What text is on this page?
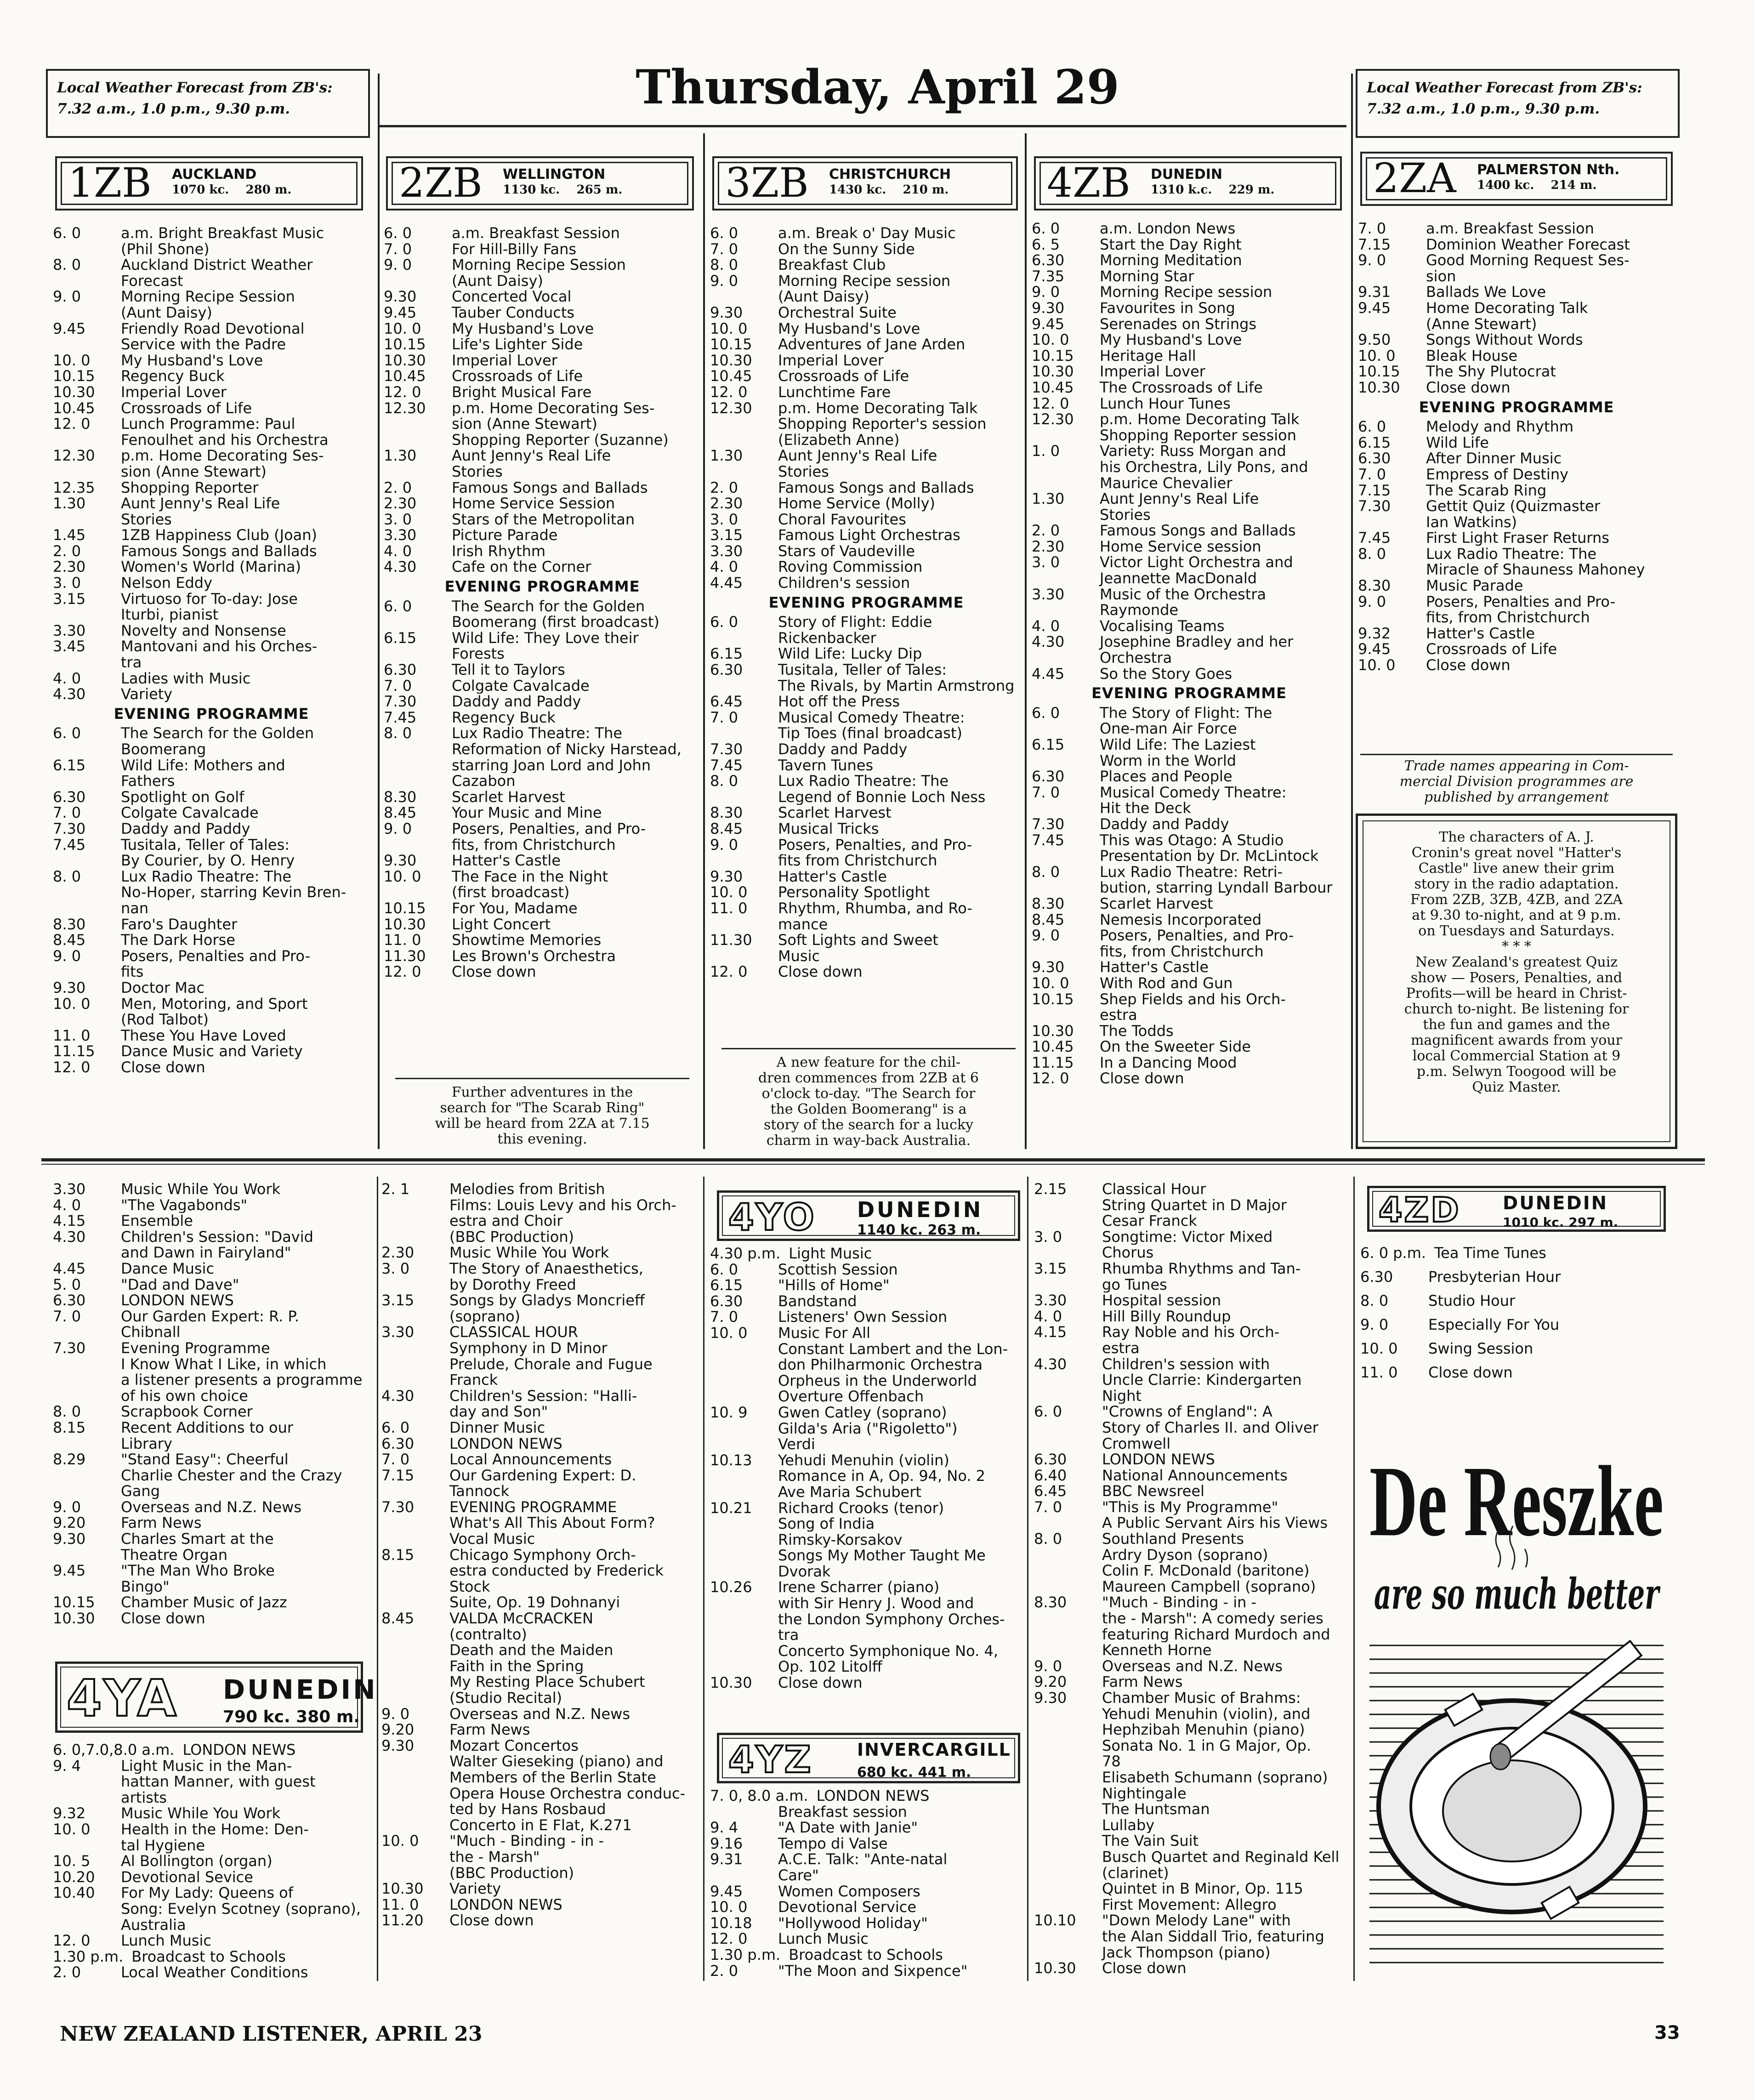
Local Weather Forecast from ZB's:
7.32 a.m., 1.0 p.m., 9.30 p.m.	Thursday, April 29	Local Weather Forecast from ZB's:
7.32 a.m., 1.0 p.m., 9.30 p.m.
1ZB AUCKLAND
1070 kc. 280 m.	2ZB WELLINGTON
1130 kc. 265 m.	3ZB CHRISTCHURCH
1430 kc. 210 m. 4ZB DUNEDIN
1310 k.c. 229 m. 2ZA PALMERSTON Nth.
1400 kc. 214 m.
6. 0	a.m. Bright Breakfast Music
(Phil Shone)
8. 0	Auckland District Weather
Forecast
9. 0	Morning Recipe Session
(Aunt Daisy)
9.45 Friendly Road Devotional
Service with the Padre
10. 0 My Husband's Love
10.15 Regency Buck
10.30 Imperial Lover
10.45 Crossroads of Life
12. 0 Lunch Programme: Paul
Fenoulhet and his Orchestra
12.30 p.m. Home Decorating Ses-
sion (Anne Stewart)
12.35 Shopping Reporter
1.30 Aunt Jenny's Real Life
Stories
1.45 1ZB Happiness Club (Joan)
2. 0	Famous Songs and Ballads
2.30 Women's World (Marina)
3. 0	Nelson Eddy
3.15 Virtuoso for To-day: Jose
Iturbi, pianist
3.30 Novelty and Nonsense
3.45 Mantovani and his Orches-
tra
4. 0	Ladies with Music
4.30 Variety
EVENING PROGRAMME
6. 0	The Search for the Golden
Boomerang
6.15 Wild Life: Mothers and
Fathers
6.30 Spotlight on Golf
7. 0	Colgate Cavalcade
7.30 Daddy and Paddy
7.45 Tusitala, Teller of Tales:
By Courier, by O. Henry
8. 0	Lux Radio Theatre: The
No-Hoper, starring Kevin Bren-
nan
8.30 Faro's Daughter
8.45 The Dark Horse
9. 0	Posers, Penalties and Pro-
fits
9.30 Doctor Mac
10. 0 Men, Motoring, and Sport
(Rod Talbot)
11. 0 These You Have Loved
11.15 Dance Music and Variety
12. 0 Close down
6. 0	a.m. Breakfast Session
7. 0	For Hill-Billy Fans
9. 0	Morning Recipe Session
(Aunt Daisy)
9.30 Concerted Vocal
9.45 Tauber Conducts
10. 0 My Husband's Love
10.15 Life's Lighter Side
10.30 Imperial Lover
10.45 Crossroads of Life
12. 0 Bright Musical Fare
12.30 p.m. Home Decorating Ses-
sion (Anne Stewart)
Shopping Reporter (Suzanne)
1.30 Aunt Jenny's Real Life
Stories
2. 0	Famous Songs and Ballads
2.30 Home Service Session
3. 0	Stars of the Metropolitan
3.30 Picture Parade
4. 0	Irish Rhythm
4.30 Cafe on the Corner
EVENING PROGRAMME
6. 0	The Search for the Golden
Boomerang (first broadcast)
6.15 Wild Life: They Love their
Forests
6.30 Tell it to Taylors
7. 0	Colgate Cavalcade
7.30 Daddy and Paddy
7.45 Regency Buck
8. 0	Lux Radio Theatre: The
Reformation of Nicky Harstead,
starring Joan Lord and John
Cazabon
8.30 Scarlet Harvest
8.45 Your Music and Mine
9. 0	Posers, Penalties, and Pro-
fits, from Christchurch
9.30 Hatter's Castle
10. 0 The Face in the Night
(first broadcast)
10.15 For You, Madame
10.30 Light Concert
11. 0 Showtime Memories
11.30 Les Brown's Orchestra
12. 0 Close down
6. 0	a.m. Break o' Day Music
7. 0	On the Sunny Side
8. 0	Breakfast Club
9. 0	Morning Recipe session
(Aunt Daisy)
9.30 Orchestral Suite
10. 0 My Husband's Love
10.15 Adventures of Jane Arden
10.30 Imperial Lover
10.45 Crossroads of Life
12. 0 Lunchtime Fare
12.30 p.m. Home Decorating Talk
Shopping Reporter's session
(Elizabeth Anne)
1.30 Aunt Jenny's Real Life
Stories
2. 0	Famous Songs and Ballads
2.30 Home Service (Molly)
3. 0	Choral Favourites
3.15 Famous Light Orchestras
3.30 Stars of Vaudeville
4. 0	Roving Commission
4.45 Children's session
EVENING PROGRAMME
6. 0	Story of Flight: Eddie
Rickenbacker
6.15 Wild Life: Lucky Dip
6.30 Tusitala, Teller of Tales:
The Rivals, by Martin Armstrong
6.45 Hot off the Press
7. 0	Musical Comedy Theatre:
Tip Toes (final broadcast)
7.30 Daddy and Paddy
7.45 Tavern Tunes
8. 0	Lux Radio Theatre: The
Legend of Bonnie Loch Ness
8.30 Scarlet Harvest
8.45 Musical Tricks
9. 0	Posers, Penalties, and Pro-
fits from Christchurch
9.30 Hatter's Castle
10. 0 Personality Spotlight
11. 0 Rhythm, Rhumba, and Ro-
mance
11.30 Soft Lights and Sweet
Music
12. 0 Close down
6. 0	a.m. London News
6. 5	Start the Day Right
6.30 Morning Meditation
7.35 Morning Star
9. 0	Morning Recipe session
9.30 Favourites in Song
9.45 Serenades on Strings
10. 0 My Husband's Love
10.15 Heritage Hall
10.30 Imperial Lover
10.45 The Crossroads of Life
12. 0 Lunch Hour Tunes
12.30 p.m. Home Decorating Talk
Shopping Reporter session
1. 0	Variety: Russ Morgan and
his Orchestra, Lily Pons, and
Maurice Chevalier
1.30 Aunt Jenny's Real Life
Stories
2. 0	Famous Songs and Ballads
2.30 Home Service session
3. 0	Victor Light Orchestra and
Jeannette MacDonald
3.30 Music of the Orchestra
Raymonde
4. 0	Vocalising Teams
4.30 Josephine Bradley and her
Orchestra
4.45 So the Story Goes
EVENING PROGRAMME
6. 0	The Story of Flight: The
One-man Air Force
6.15 Wild Life: The Laziest
Worm in the World
6.30 Places and People
7. 0	Musical Comedy Theatre:
Hit the Deck
7.30 Daddy and Paddy
7.45 This was Otago: A Studio
Presentation by Dr. McLintock
8. 0	Lux Radio Theatre: Retri-
bution, starring Lyndall Barbour
8.30 Scarlet Harvest
8.45 Nemesis Incorporated
9. 0	Posers, Penalties, and Pro-
fits, from Christchurch
9.30 Hatter's Castle
10. 0 With Rod and Gun
10.15 Shep Fields and his Orch-
estra
10.30 The Todds
10.45 On the Sweeter Side
11.15 In a Dancing Mood
12. 0 Close down
7. 0	a.m. Breakfast Session
7.15 Dominion Weather Forecast
9. 0	Good Morning Request Ses-
sion
9.31 Ballads We Love
9.45 Home Decorating Talk
(Anne Stewart)
9.50 Songs Without Words
10. 0 Bleak House
10.15 The Shy Plutocrat
10.30 Close down
EVENING PROGRAMME
6. 0	Melody and Rhythm
6.15 Wild Life
6.30 After Dinner Music
7. 0	Empress of Destiny
7.15 The Scarab Ring
7.30 Gettit Quiz (Quizmaster
Ian Watkins)
7.45 First Light Fraser Returns
8. 0	Lux Radio Theatre: The
Miracle of Shauness Mahoney
8.30 Music Parade
9. 0	Posers, Penalties and Pro-
fits, from Christchurch
9.32 Hatter's Castle
9.45 Crossroads of Life
10. 0 Close down
Further adventures in the
search for "The Scarab Ring"
will be heard from 2ZA at 7.15
this evening.
A new feature for the chil-
dren commences from 2ZB at 6
o'clock to-day. "The Search for
the Golden Boomerang" is a
story of the search for a lucky
charm in way-back Australia.
Trade names appearing in Com-
mercial Division programmes are
published by arrangement
The characters of A. J.
Cronin's great novel "Hatter's
Castle" live anew their grim
story in the radio adaptation.
From 2ZB, 3ZB, 4ZB, and 2ZA
at 9.30 to-night, and at 9 p.m.
on Tuesdays and Saturdays.
* * *
New Zealand's greatest Quiz
show — Posers, Penalties, and
Profits—will be heard in Christ-
church to-night. Be listening for
the fun and games and the
magnificent awards from your
local Commercial Station at 9
p.m. Selwyn Toogood will be
Quiz Master.
3.30 Music While You Work
4. 0	"The Vagabonds"
4.15 Ensemble
4.30 Children's Session: "David
and Dawn in Fairyland"
4.45 Dance Music
5. 0	"Dad and Dave"
6.30 LONDON NEWS
7. 0	Our Garden Expert: R. P.
Chibnall
7.30 Evening Programme
I Know What I Like, in which
a listener presents a programme
of his own choice
8. 0	Scrapbook Corner
8.15 Recent Additions to our
Library
8.29 "Stand Easy": Cheerful
Charlie Chester and the Crazy
Gang
9. 0	Overseas and N.Z. News
9.20 Farm News
9.30 Charles Smart at the
Theatre Organ
9.45 "The Man Who Broke
Bingo"
10.15 Chamber Music of Jazz
10.30 Close down
4YA DUNEDIN
790 kc. 380 m.
6. 0,7.0,8.0 a.m. LONDON NEWS
9. 4	Light Music in the Man-
hattan Manner, with guest
artists
9.32 Music While You Work
10. 0 Health in the Home: Den-
tal Hygiene
10. 5 Al Bollington (organ)
10.20 Devotional Sevice
10.40 For My Lady: Queens of
Song: Evelyn Scotney (soprano),
Australia
12. 0 Lunch Music
1.30 p.m. Broadcast to Schools
2. 0	Local Weather Conditions
2. 1	Melodies from British
Films: Louis Levy and his Orch-
estra and Choir
(BBC Production)
2.30 Music While You Work
3. 0	The Story of Anaesthetics,
by Dorothy Freed
3.15 Songs by Gladys Moncrieff
(soprano)
3.30 CLASSICAL HOUR
Symphony in D Minor
Prelude, Chorale and Fugue
Franck
4.30 Children's Session: "Halli-
day and Son"
6. 0	Dinner Music
6.30 LONDON NEWS
7. 0	Local Announcements
7.15 Our Gardening Expert: D.
Tannock
7.30 EVENING PROGRAMME
What's All This About Form?
Vocal Music
8.15 Chicago Symphony Orch-
estra conducted by Frederick
Stock
Suite, Op. 19 Dohnanyi
8.45 VALDA McCRACKEN
(contralto)
Death and the Maiden
Faith in the Spring
My Resting Place Schubert
(Studio Recital)
9. 0	Overseas and N.Z. News
9.20 Farm News
9.30 Mozart Concertos
Walter Gieseking (piano) and
Members of the Berlin State
Opera House Orchestra conduc-
ted by Hans Rosbaud
Concerto in E Flat, K.271
10. 0 "Much - Binding - in -
the - Marsh"
(BBC Production)
10.30 Variety
11. 0 LONDON NEWS
11.20 Close down
4YO DUNEDIN
1140 kc. 263 m.
4.30 p.m. Light Music
6. 0	Scottish Session
6.15 "Hills of Home"
6.30 Bandstand
7. 0	Listeners' Own Session
10. 0 Music For All
Constant Lambert and the Lon-
don Philharmonic Orchestra
Orpheus in the Underworld
Overture Offenbach
10. 9 Gwen Catley (soprano)
Gilda's Aria ("Rigoletto")
Verdi
10.13 Yehudi Menuhin (violin)
Romance in A, Op. 94, No. 2
Ave Maria Schubert
10.21 Richard Crooks (tenor)
Song of India
Rimsky-Korsakov
Songs My Mother Taught Me
Dvorak
10.26 Irene Scharrer (piano)
with Sir Henry J. Wood and
the London Symphony Orches-
tra
Concerto Symphonique No. 4,
Op. 102 Litolff
10.30 Close down
4YZ	INVERCARGILL
680 kc. 441 m.
7. 0, 8.0 a.m. LONDON NEWS
Breakfast session
9. 4	"A Date with Janie"
9.16 Tempo di Valse
9.31 A.C.E. Talk: "Ante-natal
Care"
9.45 Women Composers
10. 0 Devotional Service
10.18 "Hollywood Holiday"
12. 0 Lunch Music
1.30 p.m. Broadcast to Schools
2. 0	"The Moon and Sixpence"
2.15 Classical Hour
String Quartet in D Major
Cesar Franck
3. 0	Songtime: Victor Mixed
Chorus
3.15 Rhumba Rhythms and Tan-
go Tunes
3.30 Hospital session
4. 0	Hill Billy Roundup
4.15 Ray Noble and his Orch-
estra
4.30 Children's session with
Uncle Clarrie: Kindergarten
Night
6. 0	"Crowns of England": A
Story of Charles II. and Oliver
Cromwell
6.30 LONDON NEWS
6.40 National Announcements
6.45 BBC Newsreel
7. 0	"This is My Programme"
A Public Servant Airs his Views
8. 0	Southland Presents
Ardry Dyson (soprano)
Colin F. McDonald (baritone)
Maureen Campbell (soprano)
8.30 "Much - Binding - in -
the - Marsh": A comedy series
featuring Richard Murdoch and
Kenneth Horne
9. 0	Overseas and N.Z. News
9.20 Farm News
9.30 Chamber Music of Brahms:
Yehudi Menuhin (violin), and
Hephzibah Menuhin (piano)
Sonata No. 1 in G Major, Op.
78
Elisabeth Schumann (soprano)
Nightingale
The Huntsman
Lullaby
The Vain Suit
Busch Quartet and Reginald Kell
(clarinet)
Quintet in B Minor, Op. 115
First Movement: Allegro
10.10 "Down Melody Lane" with
the Alan Siddall Trio, featuring
Jack Thompson (piano)
10.30 Close down
4ZD DUNEDIN
1010 kc. 297 m.
6. 0 p.m. Tea Time Tunes
6.30 Presbyterian Hour
8. 0	Studio Hour
9. 0	Especially For You
10. 0 Swing Session
11. 0 Close down
De Reszke
are so much better
NEW ZEALAND LISTENER, APRIL 23	33
